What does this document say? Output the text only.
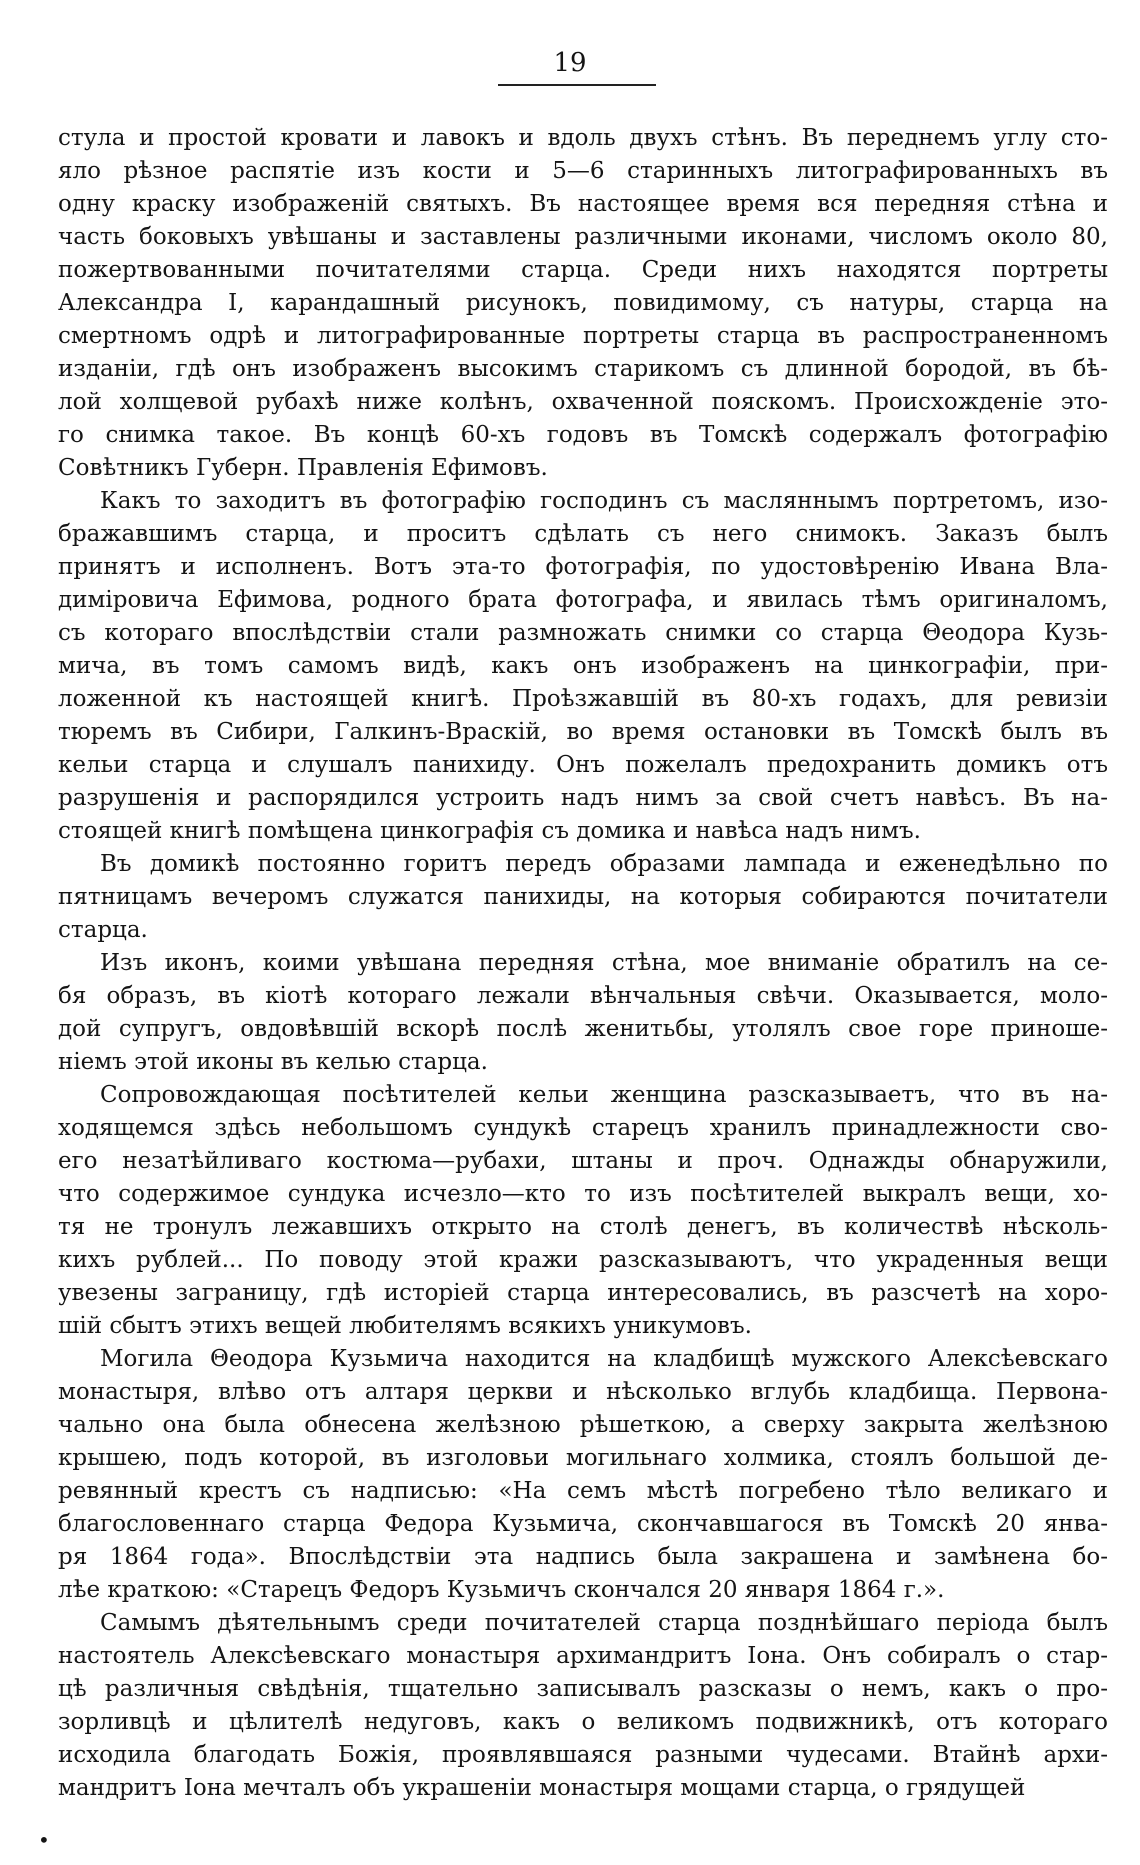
19
стула и простой кровати и лавокъ и вдоль двухъ стѣнъ. Въ переднемъ углу сто-
яло рѣзное распятіе изъ кости и 5—6 старинныхъ литографированныхъ въ
одну краску изображеній святыхъ. Въ настоящее время вся передняя стѣна и
часть боковыхъ увѣшаны и заставлены различными иконами, числомъ около 80,
пожертвованными почитателями старца. Среди нихъ находятся портреты
Александра I, карандашный рисунокъ, повидимому, съ натуры, старца на
смертномъ одрѣ и литографированные портреты старца въ распространенномъ
изданіи, гдѣ онъ изображенъ высокимъ старикомъ съ длинной бородой, въ бѣ-
лой холщевой рубахѣ ниже колѣнъ, охваченной пояскомъ. Происхожденіе это-
го снимка такое. Въ концѣ 60-хъ годовъ въ Томскѣ содержалъ фотографію
Совѣтникъ Губерн. Правленія Ефимовъ.
Какъ то заходитъ въ фотографію господинъ съ масляннымъ портретомъ, изо-
бражавшимъ старца, и проситъ сдѣлать съ него снимокъ. Заказъ былъ
принятъ и исполненъ. Вотъ эта-то фотографія, по удостовѣренію Ивана Вла-
диміровича Ефимова, родного брата фотографа, и явилась тѣмъ оригиналомъ,
съ котораго впослѣдствіи стали размножать снимки со старца Θеодора Кузь-
мича, въ томъ самомъ видѣ, какъ онъ изображенъ на цинкографіи, при-
ложенной къ настоящей книгѣ. Проѣзжавшій въ 80-хъ годахъ, для ревизіи
тюремъ въ Сибири, Галкинъ-Враскій, во время остановки въ Томскѣ былъ въ
кельи старца и слушалъ панихиду. Онъ пожелалъ предохранить домикъ отъ
разрушенія и распорядился устроить надъ нимъ за свой счетъ навѣсъ. Въ на-
стоящей книгѣ помѣщена цинкографія съ домика и навѣса надъ нимъ.
Въ домикѣ постоянно горитъ передъ образами лампада и еженедѣльно по
пятницамъ вечеромъ служатся панихиды, на которыя собираются почитатели
старца.
Изъ иконъ, коими увѣшана передняя стѣна, мое вниманіе обратилъ на се-
бя образъ, въ кіотѣ котораго лежали вѣнчальныя свѣчи. Оказывается, моло-
дой супругъ, овдовѣвшій вскорѣ послѣ женитьбы, утолялъ свое горе приноше-
ніемъ этой иконы въ келью старца.
Сопровождающая посѣтителей кельи женщина разсказываетъ, что въ на-
ходящемся здѣсь небольшомъ сундукѣ старецъ хранилъ принадлежности сво-
его незатѣйливаго костюма—рубахи, штаны и проч. Однажды обнаружили,
что содержимое сундука исчезло—кто то изъ посѣтителей выкралъ вещи, хо-
тя не тронулъ лежавшихъ открыто на столѣ денегъ, въ количествѣ нѣсколь-
кихъ рублей... По поводу этой кражи разсказываютъ, что украденныя вещи
увезены заграницу, гдѣ исторіей старца интересовались, въ разсчетѣ на хоро-
шій сбытъ этихъ вещей любителямъ всякихъ уникумовъ.
Могила Θеодора Кузьмича находится на кладбищѣ мужского Алексѣевскаго
монастыря, влѣво отъ алтаря церкви и нѣсколько вглубь кладбища. Первона-
чально она была обнесена желѣзною рѣшеткою, а сверху закрыта желѣзною
крышею, подъ которой, въ изголовьи могильнаго холмика, стоялъ большой де-
ревянный крестъ съ надписью: «На семъ мѣстѣ погребено тѣло великаго и
благословеннаго старца Федора Кузьмича, скончавшагося въ Томскѣ 20 янва-
ря 1864 года». Впослѣдствіи эта надпись была закрашена и замѣнена бо-
лѣе краткою: «Старецъ Федоръ Кузьмичъ скончался 20 января 1864 г.».
Самымъ дѣятельнымъ среди почитателей старца позднѣйшаго періода былъ
настоятель Алексѣевскаго монастыря архимандритъ Іона. Онъ собиралъ о стар-
цѣ различныя свѣдѣнія, тщательно записывалъ разсказы о немъ, какъ о про-
зорливцѣ и цѣлителѣ недуговъ, какъ о великомъ подвижникѣ, отъ котораго
исходила благодать Божія, проявлявшаяся разными чудесами. Втайнѣ архи-
мандритъ Іона мечталъ объ украшеніи монастыря мощами старца, о грядущей
•
